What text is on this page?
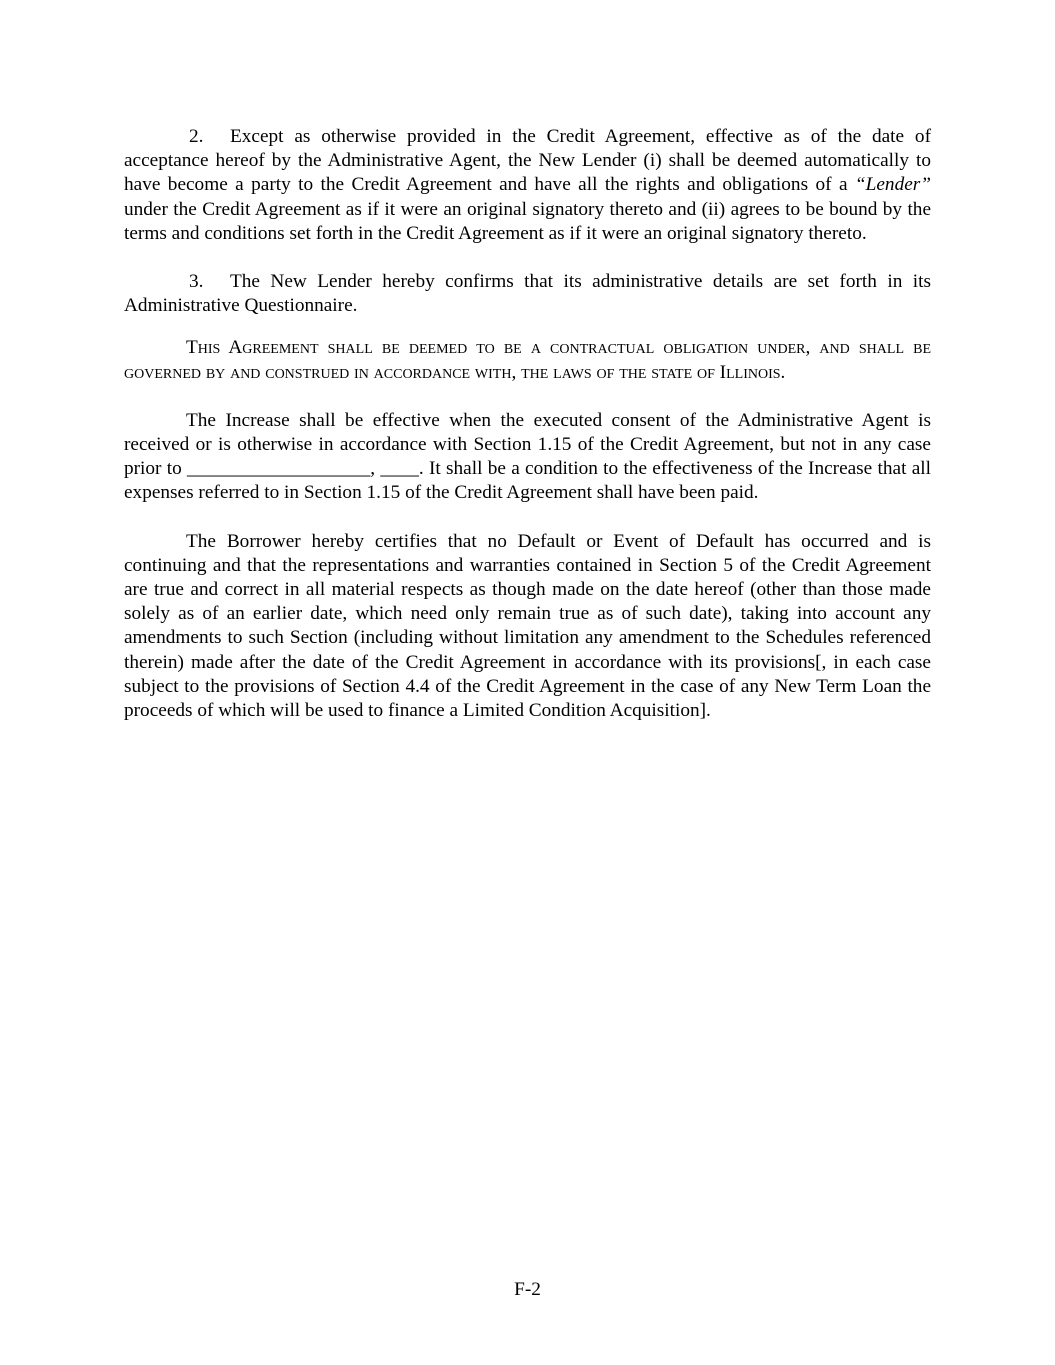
2. Except as otherwise provided in the Credit Agreement, effective as of the date of acceptance hereof by the Administrative Agent, the New Lender (i) shall be deemed automatically to have become a party to the Credit Agreement and have all the rights and obligations of a “Lender” under the Credit Agreement as if it were an original signatory thereto and (ii) agrees to be bound by the terms and conditions set forth in the Credit Agreement as if it were an original signatory thereto.

3. The New Lender hereby confirms that its administrative details are set forth in its Administrative Questionnaire.

This Agreement shall be deemed to be a contractual obligation under, and shall be governed by and construed in accordance with, the laws of the state of Illinois.

The Increase shall be effective when the executed consent of the Administrative Agent is received or is otherwise in accordance with Section 1.15 of the Credit Agreement, but not in any case prior to ___________________, ____. It shall be a condition to the effectiveness of the Increase that all expenses referred to in Section 1.15 of the Credit Agreement shall have been paid.

The Borrower hereby certifies that no Default or Event of Default has occurred and is continuing and that the representations and warranties contained in Section 5 of the Credit Agreement are true and correct in all material respects as though made on the date hereof (other than those made solely as of an earlier date, which need only remain true as of such date), taking into account any amendments to such Section (including without limitation any amendment to the Schedules referenced therein) made after the date of the Credit Agreement in accordance with its provisions[, in each case subject to the provisions of Section 4.4 of the Credit Agreement in the case of any New Term Loan the proceeds of which will be used to finance a Limited Condition Acquisition].

F-2
